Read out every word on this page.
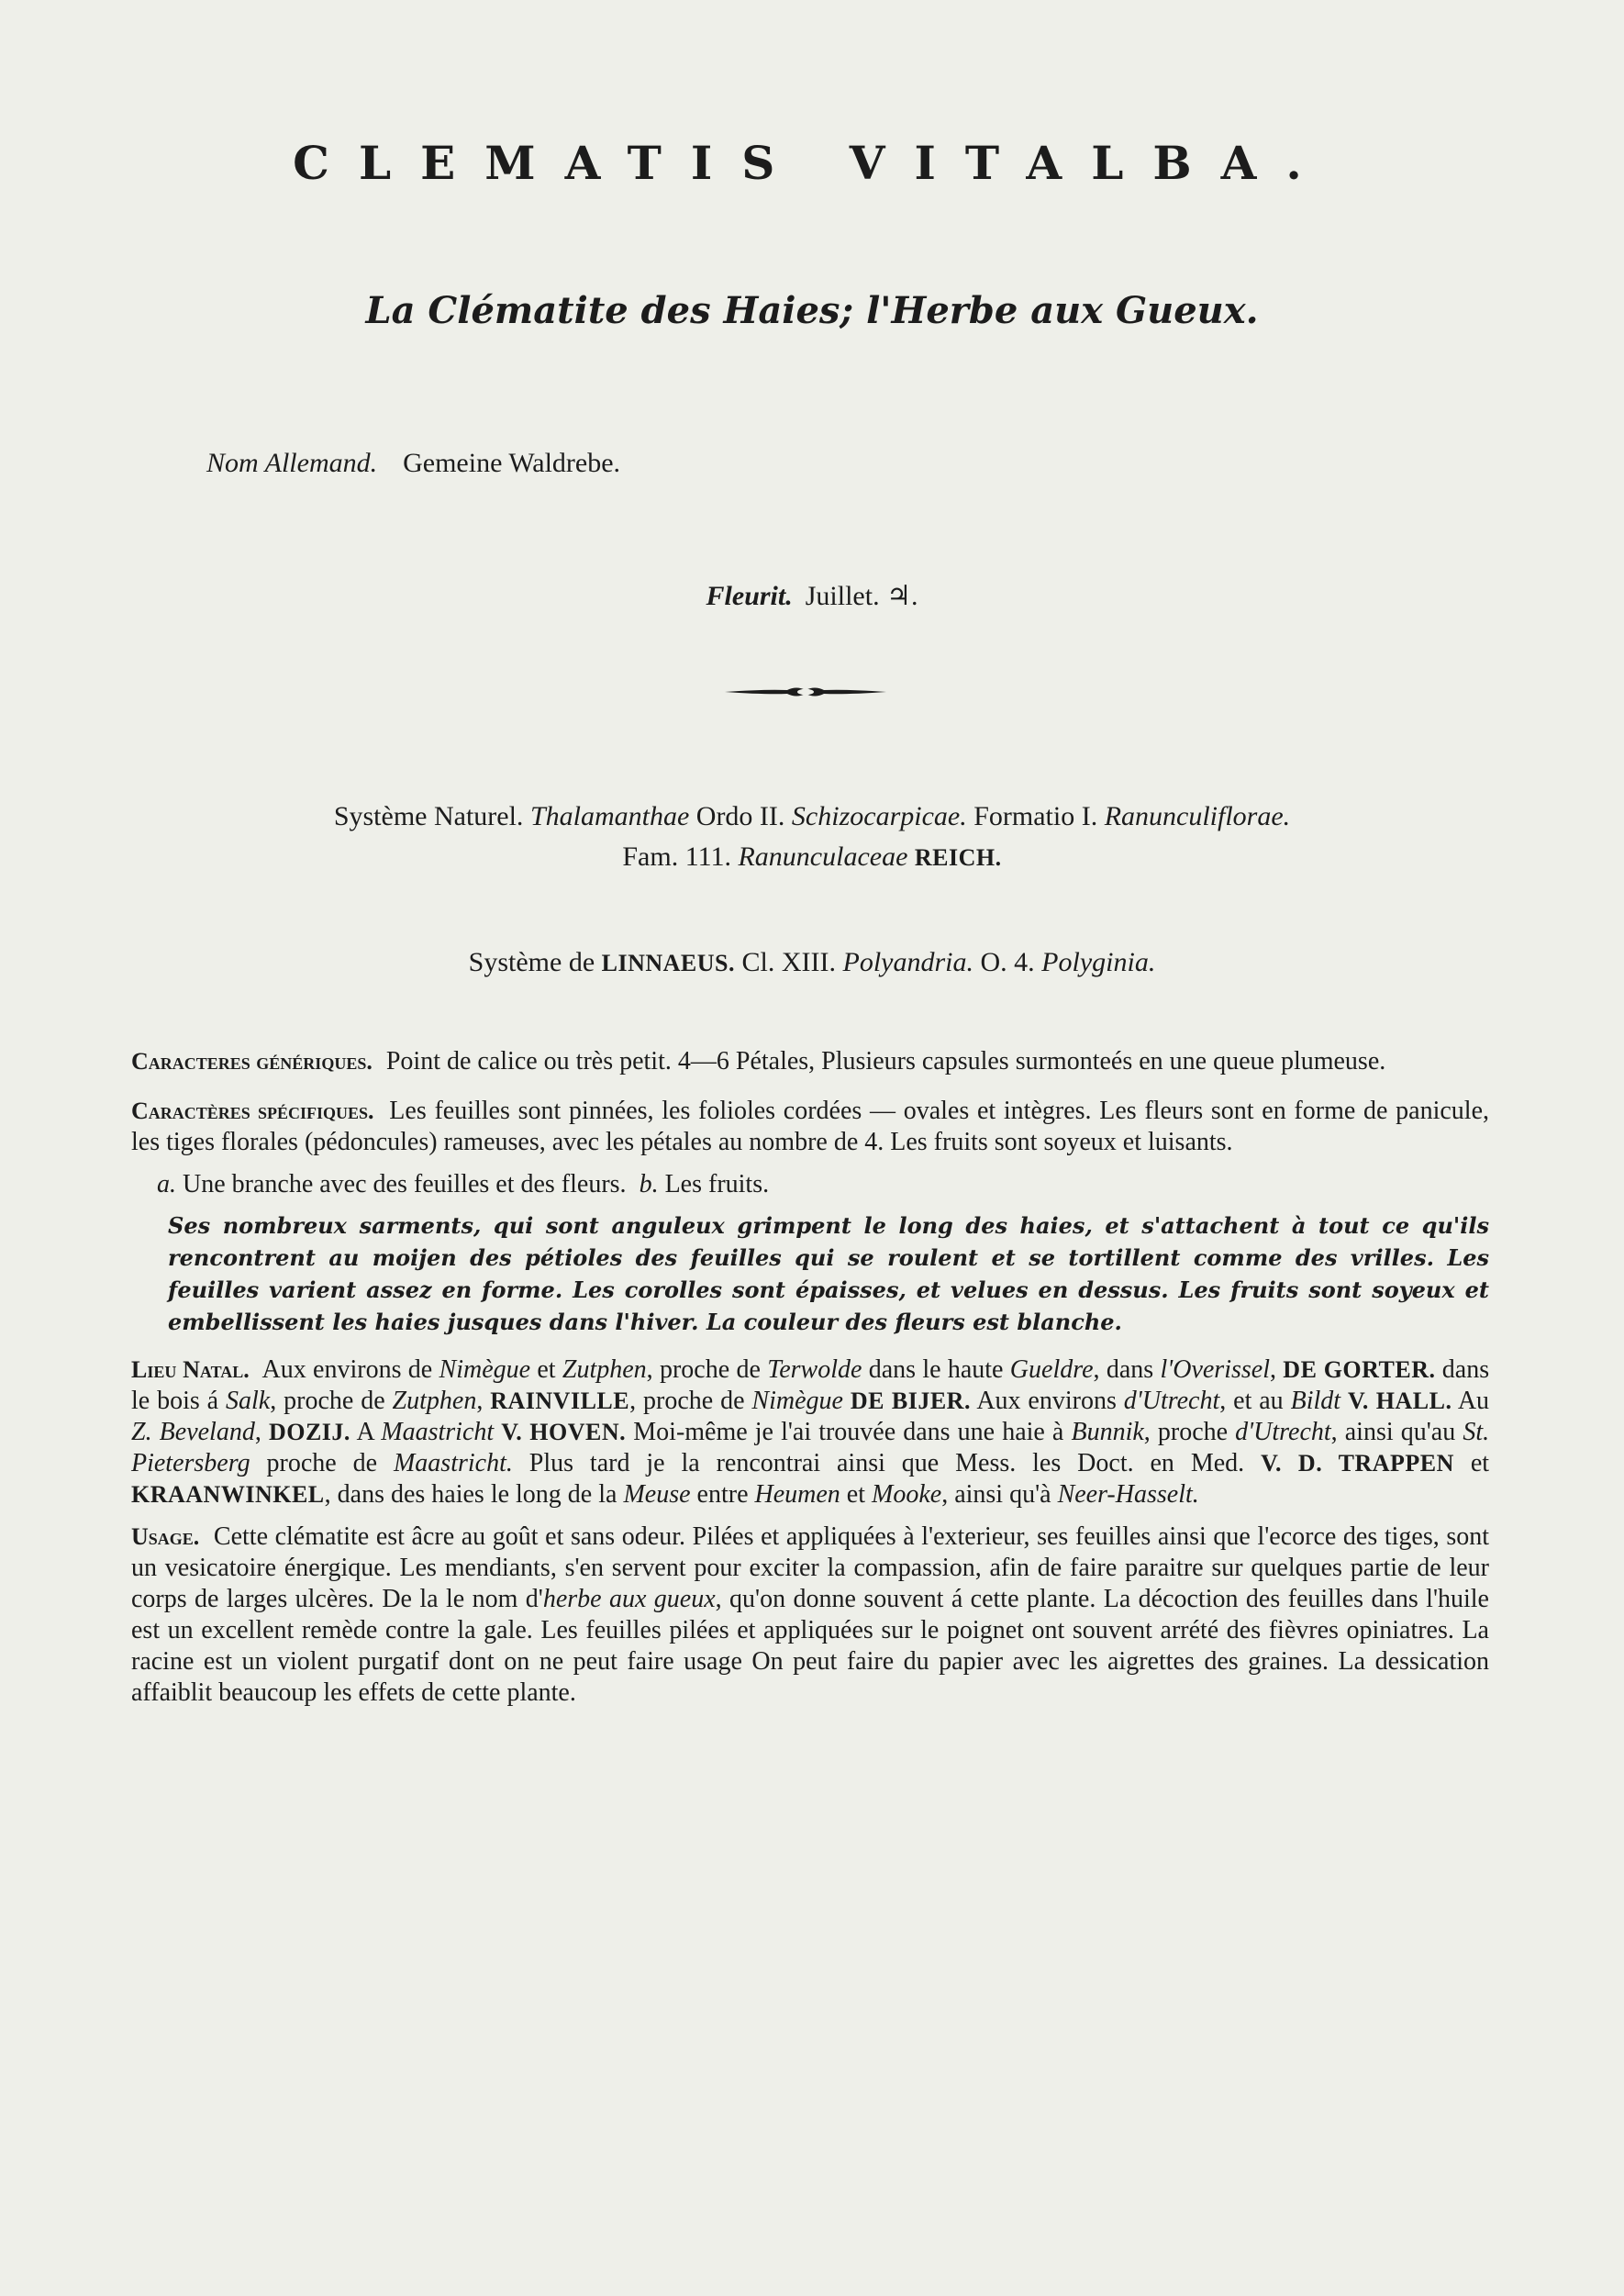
CLEMATIS VITALBA.
La Clématite des Haies; l'Herbe aux Gueux.
Nom Allemand. Gemeine Waldrebe.
Fleurit. Juillet. ♃.
Système Naturel. Thalamanthae Ordo II. Schizocarpicae. Formatio I. Ranunculiflorae.
Fam. 111. Ranunculaceae REICH.
Système de LINNAEUS. Cl. XIII. Polyandria. O. 4. Polyginia.

Caracteres génériques. Point de calice ou très petit. 4—6 Pétales, Plusieurs capsules surmonteés en une queue plumeuse.

Caractères spécifiques. Les feuilles sont pinnées, les folioles cordées — ovales et intègres. Les fleurs sont en forme de panicule, les tiges florales (pédoncules) rameuses, avec les pétales au nombre de 4. Les fruits sont soyeux et luisants.

a. Une branche avec des feuilles et des fleurs. b. Les fruits.

Ses nombreux sarments, qui sont anguleux grimpent le long des haies, et s'attachent à tout ce qu'ils rencontrent au moijen des pétioles des feuilles qui se roulent et se tortillent comme des vrilles. Les feuilles varient assez en forme. Les corolles sont épaisses, et velues en dessus. Les fruits sont soyeux et embellissent les haies jusques dans l'hiver. La couleur des fleurs est blanche.

Lieu Natal. Aux environs de Nimègue et Zutphen, proche de Terwolde dans le haute Gueldre, dans l'Overissel, DE GORTER. dans le bois á Salk, proche de Zutphen, RAINVILLE, proche de Nimègue DE BIJER. Aux environs d'Utrecht, et au Bildt V. HALL. Au Z. Beveland, DOZIJ. A Maastricht V. HOVEN. Moi-même je l'ai trouvée dans une haie à Bunnik, proche d'Utrecht, ainsi qu'au St. Pietersberg proche de Maastricht. Plus tard je la rencontrai ainsi que Mess. les Doct. en Med. V. D. TRAPPEN et KRAANWINKEL, dans des haies le long de la Meuse entre Heumen et Mooke, ainsi qu'à Neer-Hasselt.

Usage. Cette clématite est âcre au goût et sans odeur. Pilées et appliquées à l'exterieur, ses feuilles ainsi que l'ecorce des tiges, sont un vesicatoire énergique. Les mendiants, s'en servent pour exciter la compassion, afin de faire paraitre sur quelques partie de leur corps de larges ulcères. De la le nom d'herbe aux gueux, qu'on donne souvent á cette plante. La décoction des feuilles dans l'huile est un excellent remède contre la gale. Les feuilles pilées et appliquées sur le poignet ont souvent arrété des fièvres opiniatres. La racine est un violent purgatif dont on ne peut faire usage On peut faire du papier avec les aigrettes des graines. La dessication affaiblit beaucoup les effets de cette plante.
